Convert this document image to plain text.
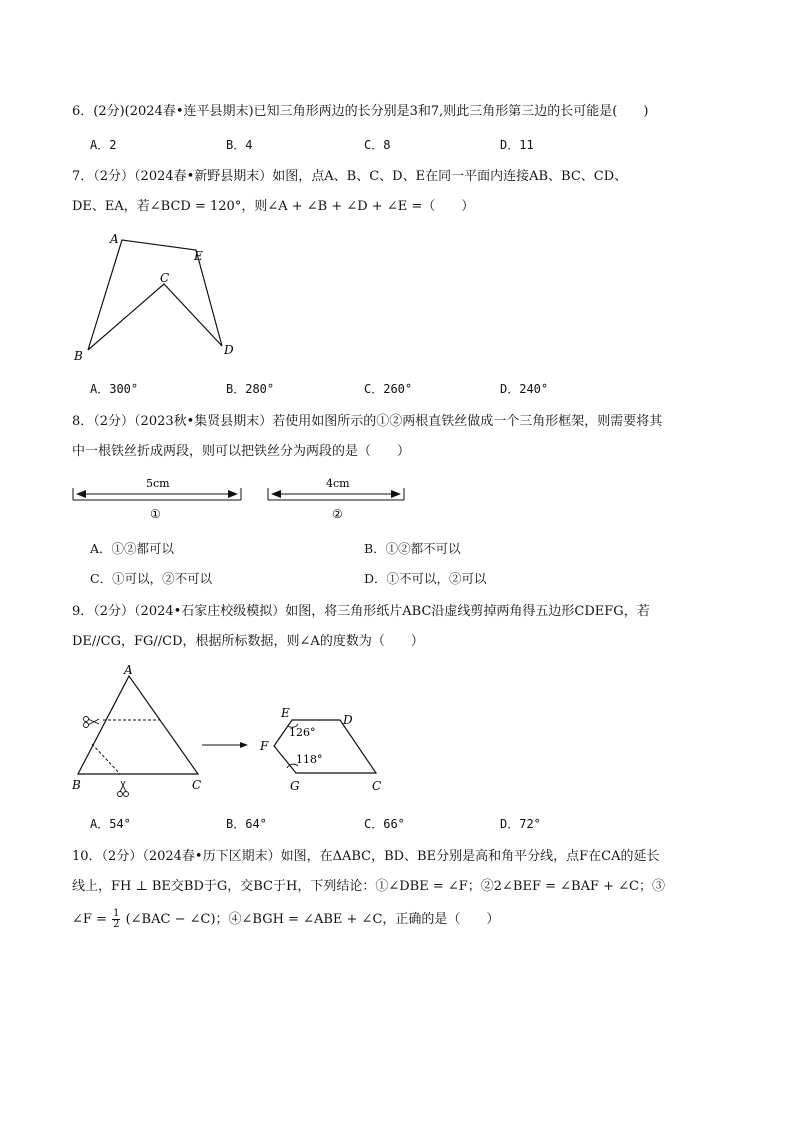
6．(2分)(2024春•连平县期末)已知三角形两边的长分别是3和7,则此三角形第三边的长可能是(　　)
A．2	B．4	C．8	D．11
7．（2分）（2024春•新野县期末）如图，点A、B、C、D、E在同一平面内连接AB、BC、CD、
DE、EA，若∠BCD = 120°，则∠A + ∠B + ∠D + ∠E =（　　）
A
E
C
B	D
A．300°	B．280°	C．260°	D．240°
8．（2分）（2023秋•集贤县期末）若使用如图所示的①②两根直铁丝做成一个三角形框架，则需要将其
中一根铁丝折成两段，则可以把铁丝分为两段的是（　　）
5cm
①
4cm
②
A．①②都可以	B．①②都不可以
C．①可以，②不可以	D．①不可以，②可以
9．（2分）（2024•石家庄校级模拟）如图，将三角形纸片ABC沿虚线剪掉两角得五边形CDEFG，若
DE//CG，FG//CD，根据所标数据，则∠A的度数为（　　）
A
B	C
E	D
F
G	C
126°
118°
A．54°	B．64°	C．66°	D．72°
10．（2分）（2024春•历下区期末）如图，在ΔABC，BD、BE分别是高和角平分线，点F在CA的延长
线上，FH ⊥ BE交BD于G，交BC于H，下列结论：①∠DBE = ∠F；②2∠BEF = ∠BAF + ∠C；③
∠F = $\frac{1}{2}$ (∠BAC − ∠C)；④∠BGH = ∠ABE + ∠C，正确的是（　　）
